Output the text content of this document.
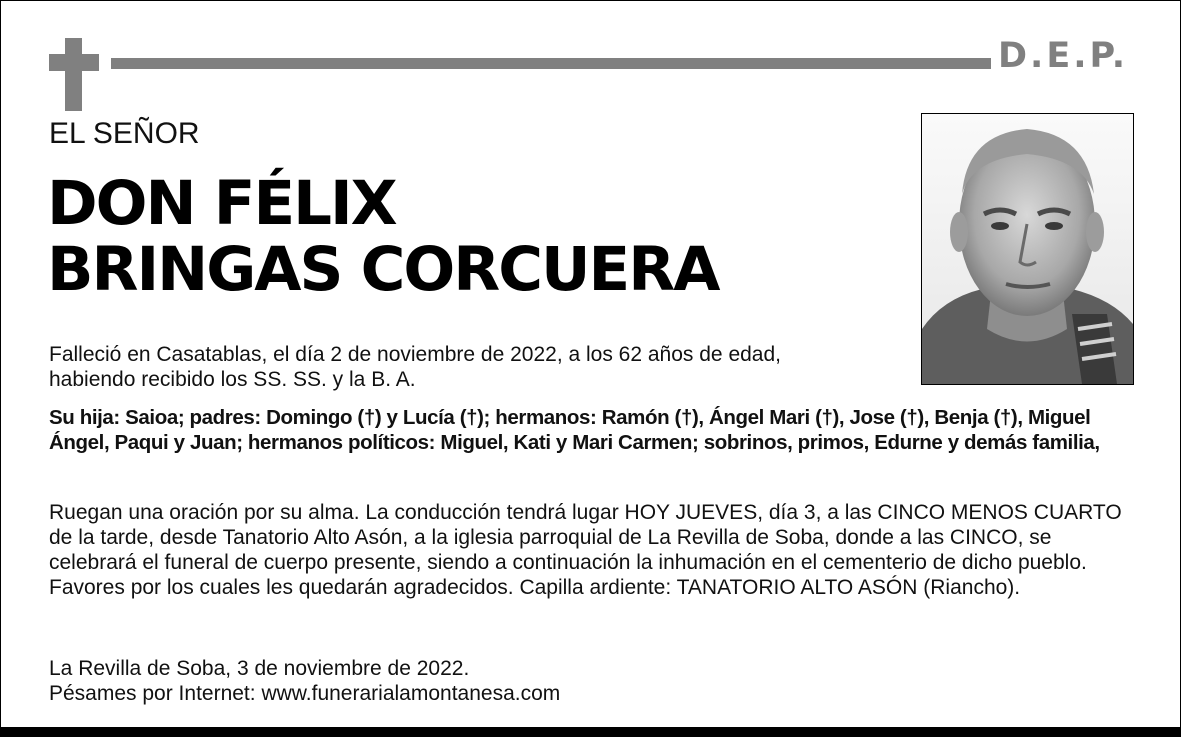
D.E.P.
EL SEÑOR
DON FÉLIX
BRINGAS CORCUERA
Falleció en Casatablas, el día 2 de noviembre de 2022, a los 62 años de edad,
habiendo recibido los SS. SS. y la B. A.
Su hija: Saioa; padres: Domingo (†) y Lucía (†); hermanos: Ramón (†), Ángel Mari (†), Jose (†), Benja (†), Miguel Ángel, Paqui y Juan; hermanos políticos: Miguel, Kati y Mari Carmen; sobrinos, primos, Edurne y demás familia,
Ruegan una oración por su alma. La conducción tendrá lugar HOY JUEVES, día 3, a las CINCO MENOS CUARTO de la tarde, desde Tanatorio Alto Asón, a la iglesia parroquial de La Revilla de Soba, donde a las CINCO, se celebrará el funeral de cuerpo presente, siendo a continuación la inhumación en el cementerio de dicho pueblo. Favores por los cuales les quedarán agradecidos. Capilla ardiente: TANATORIO ALTO ASÓN (Riancho).
La Revilla de Soba, 3 de noviembre de 2022.
Pésames por Internet: www.funerarialamontanesa.com
